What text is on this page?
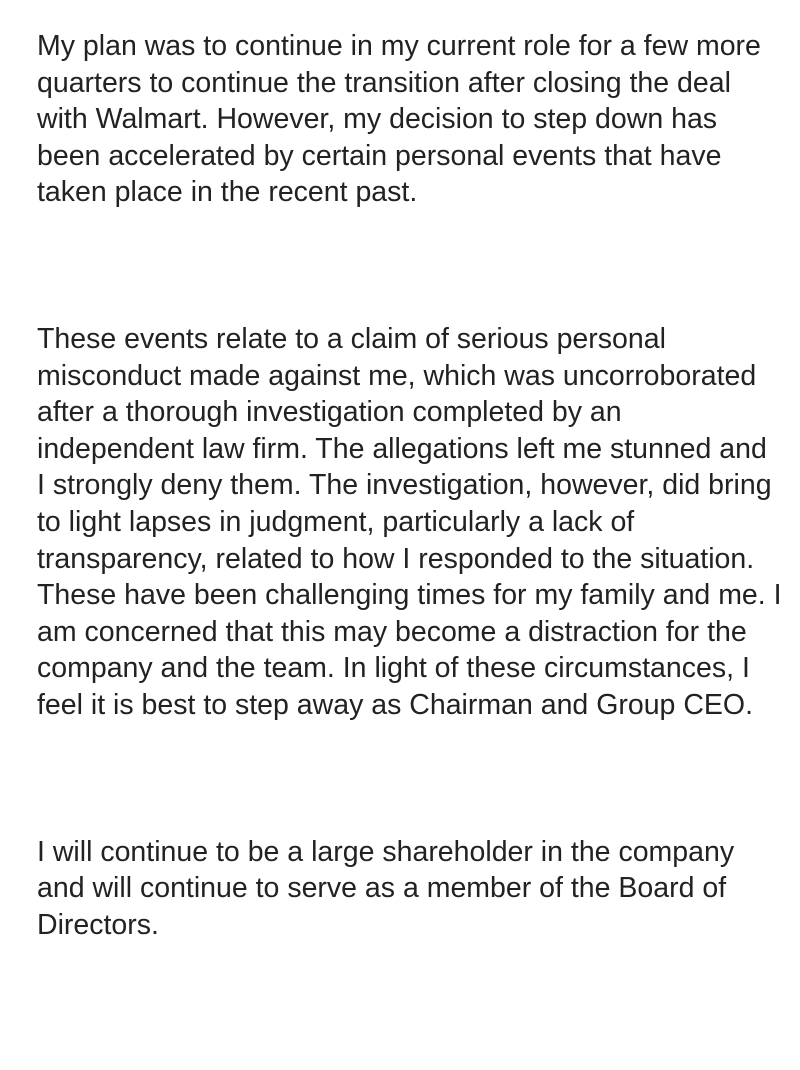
My plan was to continue in my current role for a few more quarters to continue the transition after closing the deal with Walmart. However, my decision to step down has been accelerated by certain personal events that have taken place in the recent past.

These events relate to a claim of serious personal misconduct made against me, which was uncorroborated after a thorough investigation completed by an independent law firm. The allegations left me stunned and I strongly deny them. The investigation, however, did bring to light lapses in judgment, particularly a lack of transparency, related to how I responded to the situation. These have been challenging times for my family and me. I am concerned that this may become a distraction for the company and the team. In light of these circumstances, I feel it is best to step away as Chairman and Group CEO.

I will continue to be a large shareholder in the company and will continue to serve as a member of the Board of Directors.
